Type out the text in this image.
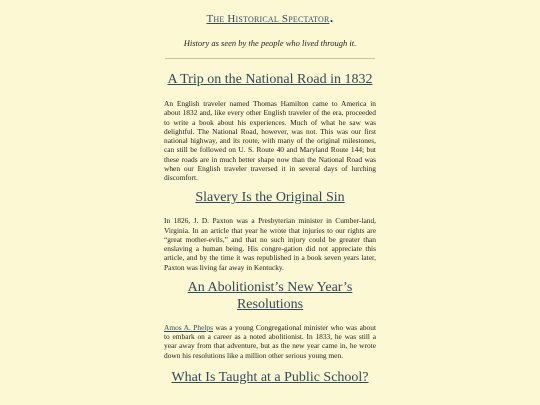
The Historical Spectator.
History as seen by the people who lived through it.
A Trip on the National Road in 1832

An English traveler named Thomas Hamilton came to America in about 1832 and, like every other English traveler of the era, proceeded to write a book about his experiences. Much of what he saw was delightful. The National Road, however, was not. This was our first national highway, and its route, with many of the original milestones, can still be followed on U. S. Route 40 and Maryland Route 144; but these roads are in much better shape now than the National Road was when our English traveler traversed it in several days of lurching discomfort.

Slavery Is the Original Sin

In 1826, J. D. Paxton was a Presbyterian minister in Cumber-land, Virginia. In an article that year he wrote that injuries to our rights are “great mother-evils,” and that no such injury could be greater than enslaving a human being. His congre-gation did not appreciate this article, and by the time it was republished in a book seven years later, Paxton was living far away in Kentucky.

An Abolitionist’s New Year’s Resolutions

Amos A. Phelps was a young Congregational minister who was about to embark on a career as a noted abolitionist. In 1833, he was still a year away from that adventure, but as the new year came in, he wrote down his resolutions like a million other serious young men.

What Is Taught at a Public School?
